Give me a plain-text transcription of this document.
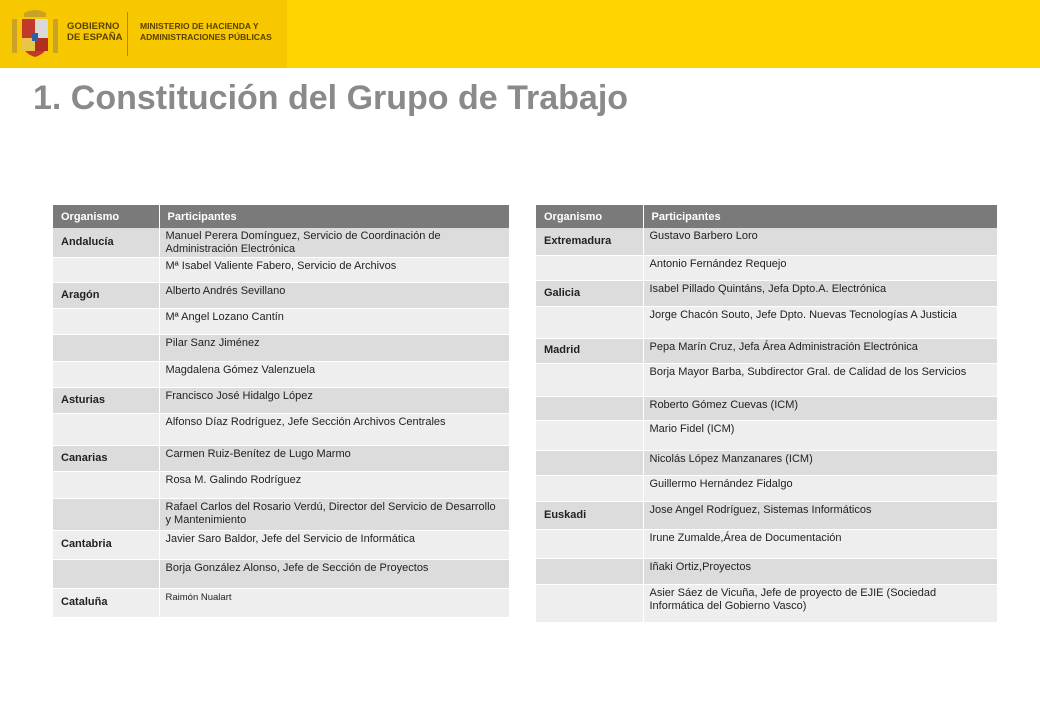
GOBIERNO DE ESPAÑA
MINISTERIO DE HACIENDA Y ADMINISTRACIONES PÚBLICAS
1. Constitución del Grupo de Trabajo
Organismo	Participantes
Andalucía	Manuel Perera Domínguez, Servicio de Coordinación de Administración Electrónica

	Mª Isabel Valiente Fabero, Servicio de Archivos

Aragón	Alberto Andrés Sevillano

	Mª Angel Lozano Cantín

	Pilar Sanz Jiménez

	Magdalena Gómez Valenzuela

Asturias	Francisco José Hidalgo López

	Alfonso Díaz Rodríguez, Jefe Sección Archivos Centrales

Canarias	Carmen Ruiz-Benítez de Lugo Marmo

	Rosa M. Galindo Rodríguez

	Rafael Carlos del Rosario Verdú, Director del Servicio de Desarrollo y Mantenimiento

Cantabria	Javier Saro Baldor, Jefe del Servicio de Informática

	Borja González Alonso, Jefe de Sección de Proyectos

Cataluña	Raimón Nualart
Organismo	Participantes
Extremadura	Gustavo Barbero Loro

	Antonio Fernández Requejo

Galicia	Isabel Pillado Quintáns, Jefa Dpto.A. Electrónica

	Jorge Chacón Souto, Jefe Dpto. Nuevas Tecnologías A Justicia

Madrid	Pepa Marín Cruz, Jefa Área Administración Electrónica

	Borja Mayor Barba, Subdirector Gral. de Calidad de los Servicios

	Roberto Gómez Cuevas (ICM)

	Mario Fidel (ICM)

	Nicolás López Manzanares (ICM)

	Guillermo Hernández Fidalgo

Euskadi	Jose Angel Rodríguez, Sistemas Informáticos

	Irune Zumalde,Área de Documentación

	Iñaki Ortiz,Proyectos

	Asier Sáez de Vicuña, Jefe de proyecto de EJIE (Sociedad Informática del Gobierno Vasco)
